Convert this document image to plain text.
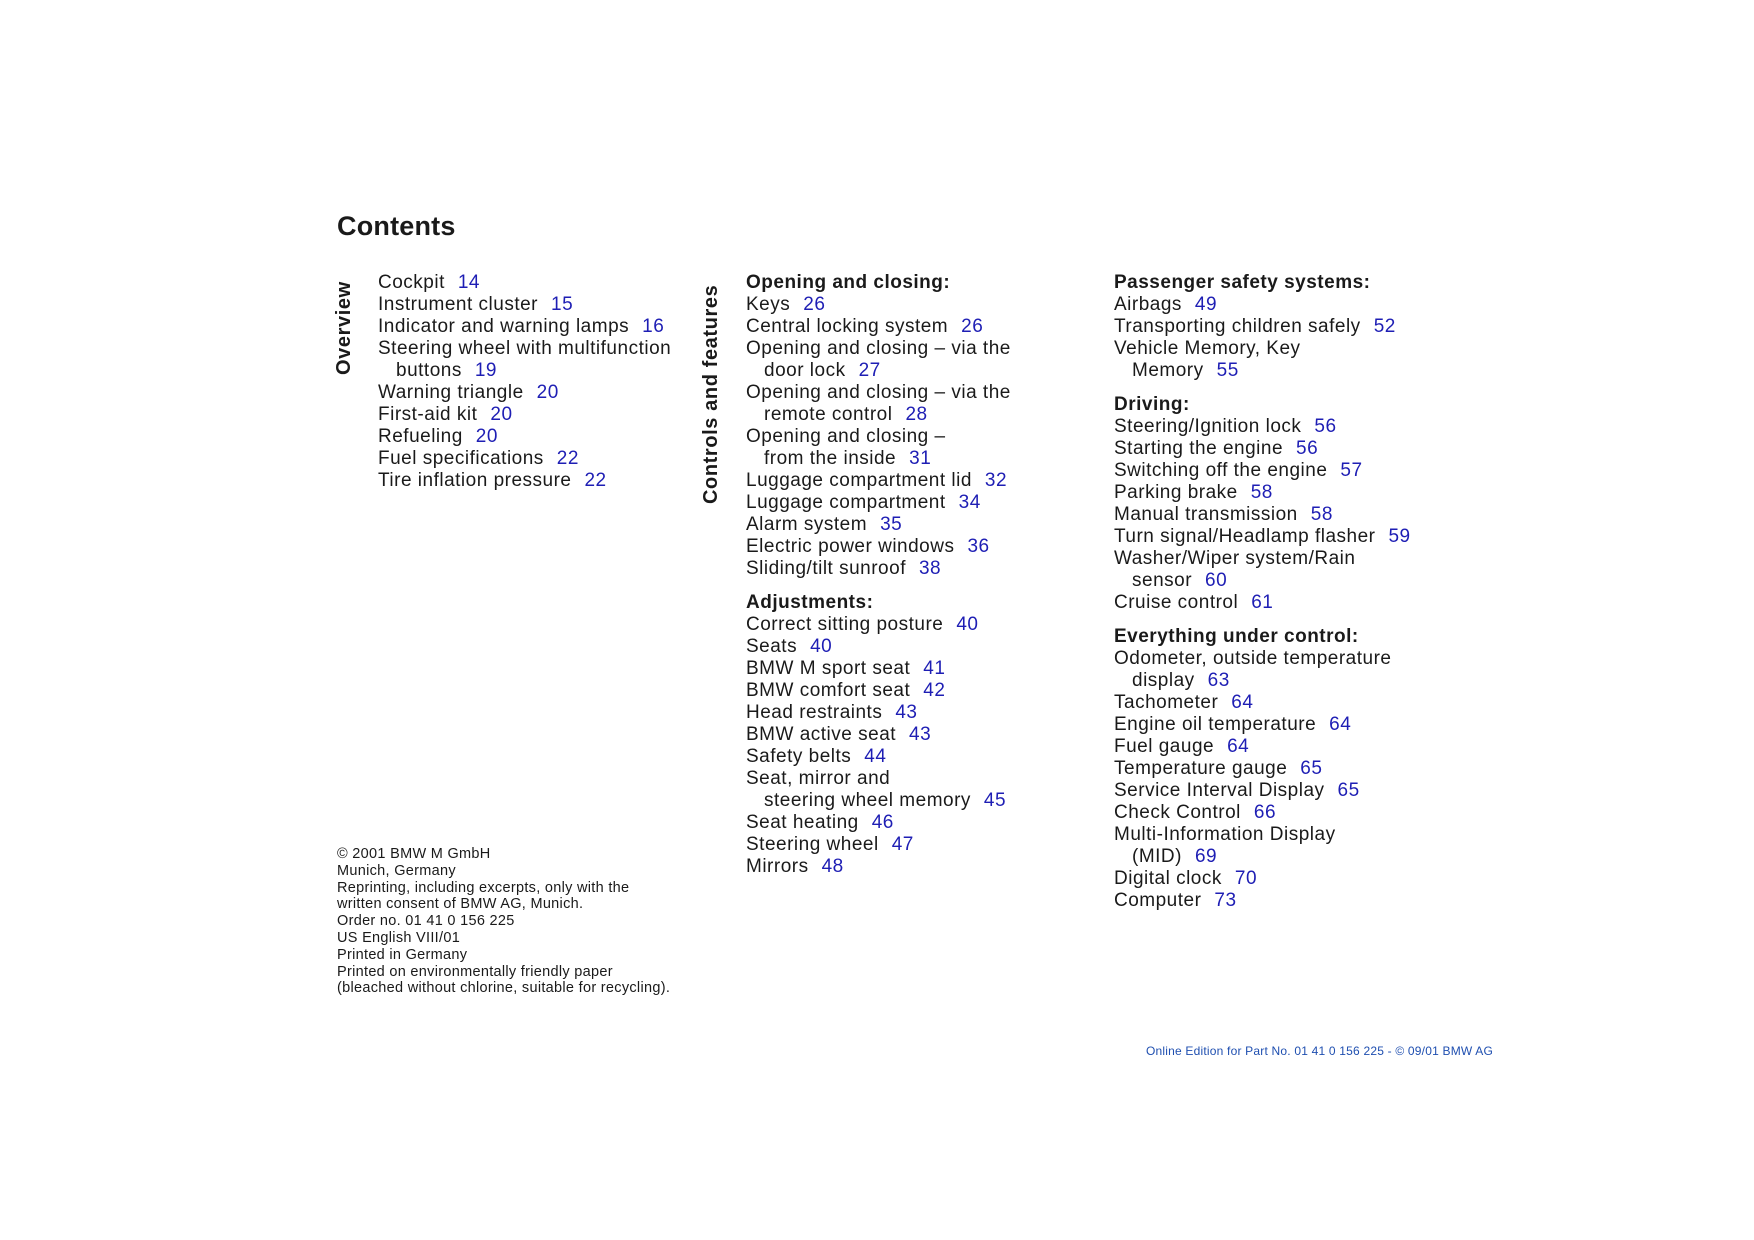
Contents
Overview	Controls and features
Cockpit 14
Instrument cluster 15
Indicator and warning lamps 16
Steering wheel with multifunction
buttons 19
Warning triangle 20
First-aid kit 20
Refueling 20
Fuel specifications 22
Tire inflation pressure 22
Opening and closing:
Keys 26
Central locking system 26
Opening and closing – via the
door lock 27
Opening and closing – via the
remote control 28
Opening and closing –
from the inside 31
Luggage compartment lid 32
Luggage compartment 34
Alarm system 35
Electric power windows 36
Sliding/tilt sunroof 38
Adjustments:
Correct sitting posture 40
Seats 40
BMW M sport seat 41
BMW comfort seat 42
Head restraints 43
BMW active seat 43
Safety belts 44
Seat, mirror and
steering wheel memory 45
Seat heating 46
Steering wheel 47
Mirrors 48
Passenger safety systems:
Airbags 49
Transporting children safely 52
Vehicle Memory, Key
Memory 55
Driving:
Steering/Ignition lock 56
Starting the engine 56
Switching off the engine 57
Parking brake 58
Manual transmission 58
Turn signal/Headlamp flasher 59
Washer/Wiper system/Rain
sensor 60
Cruise control 61
Everything under control:
Odometer, outside temperature
display 63
Tachometer 64
Engine oil temperature 64
Fuel gauge 64
Temperature gauge 65
Service Interval Display 65
Check Control 66
Multi-Information Display
(MID) 69
Digital clock 70
Computer 73
© 2001 BMW M GmbH
Munich, Germany
Reprinting, including excerpts, only with the
written consent of BMW AG, Munich.
Order no. 01 41 0 156 225
US English VIII/01
Printed in Germany
Printed on environmentally friendly paper
(bleached without chlorine, suitable for recycling).
Online Edition for Part No. 01 41 0 156 225 - © 09/01 BMW AG
